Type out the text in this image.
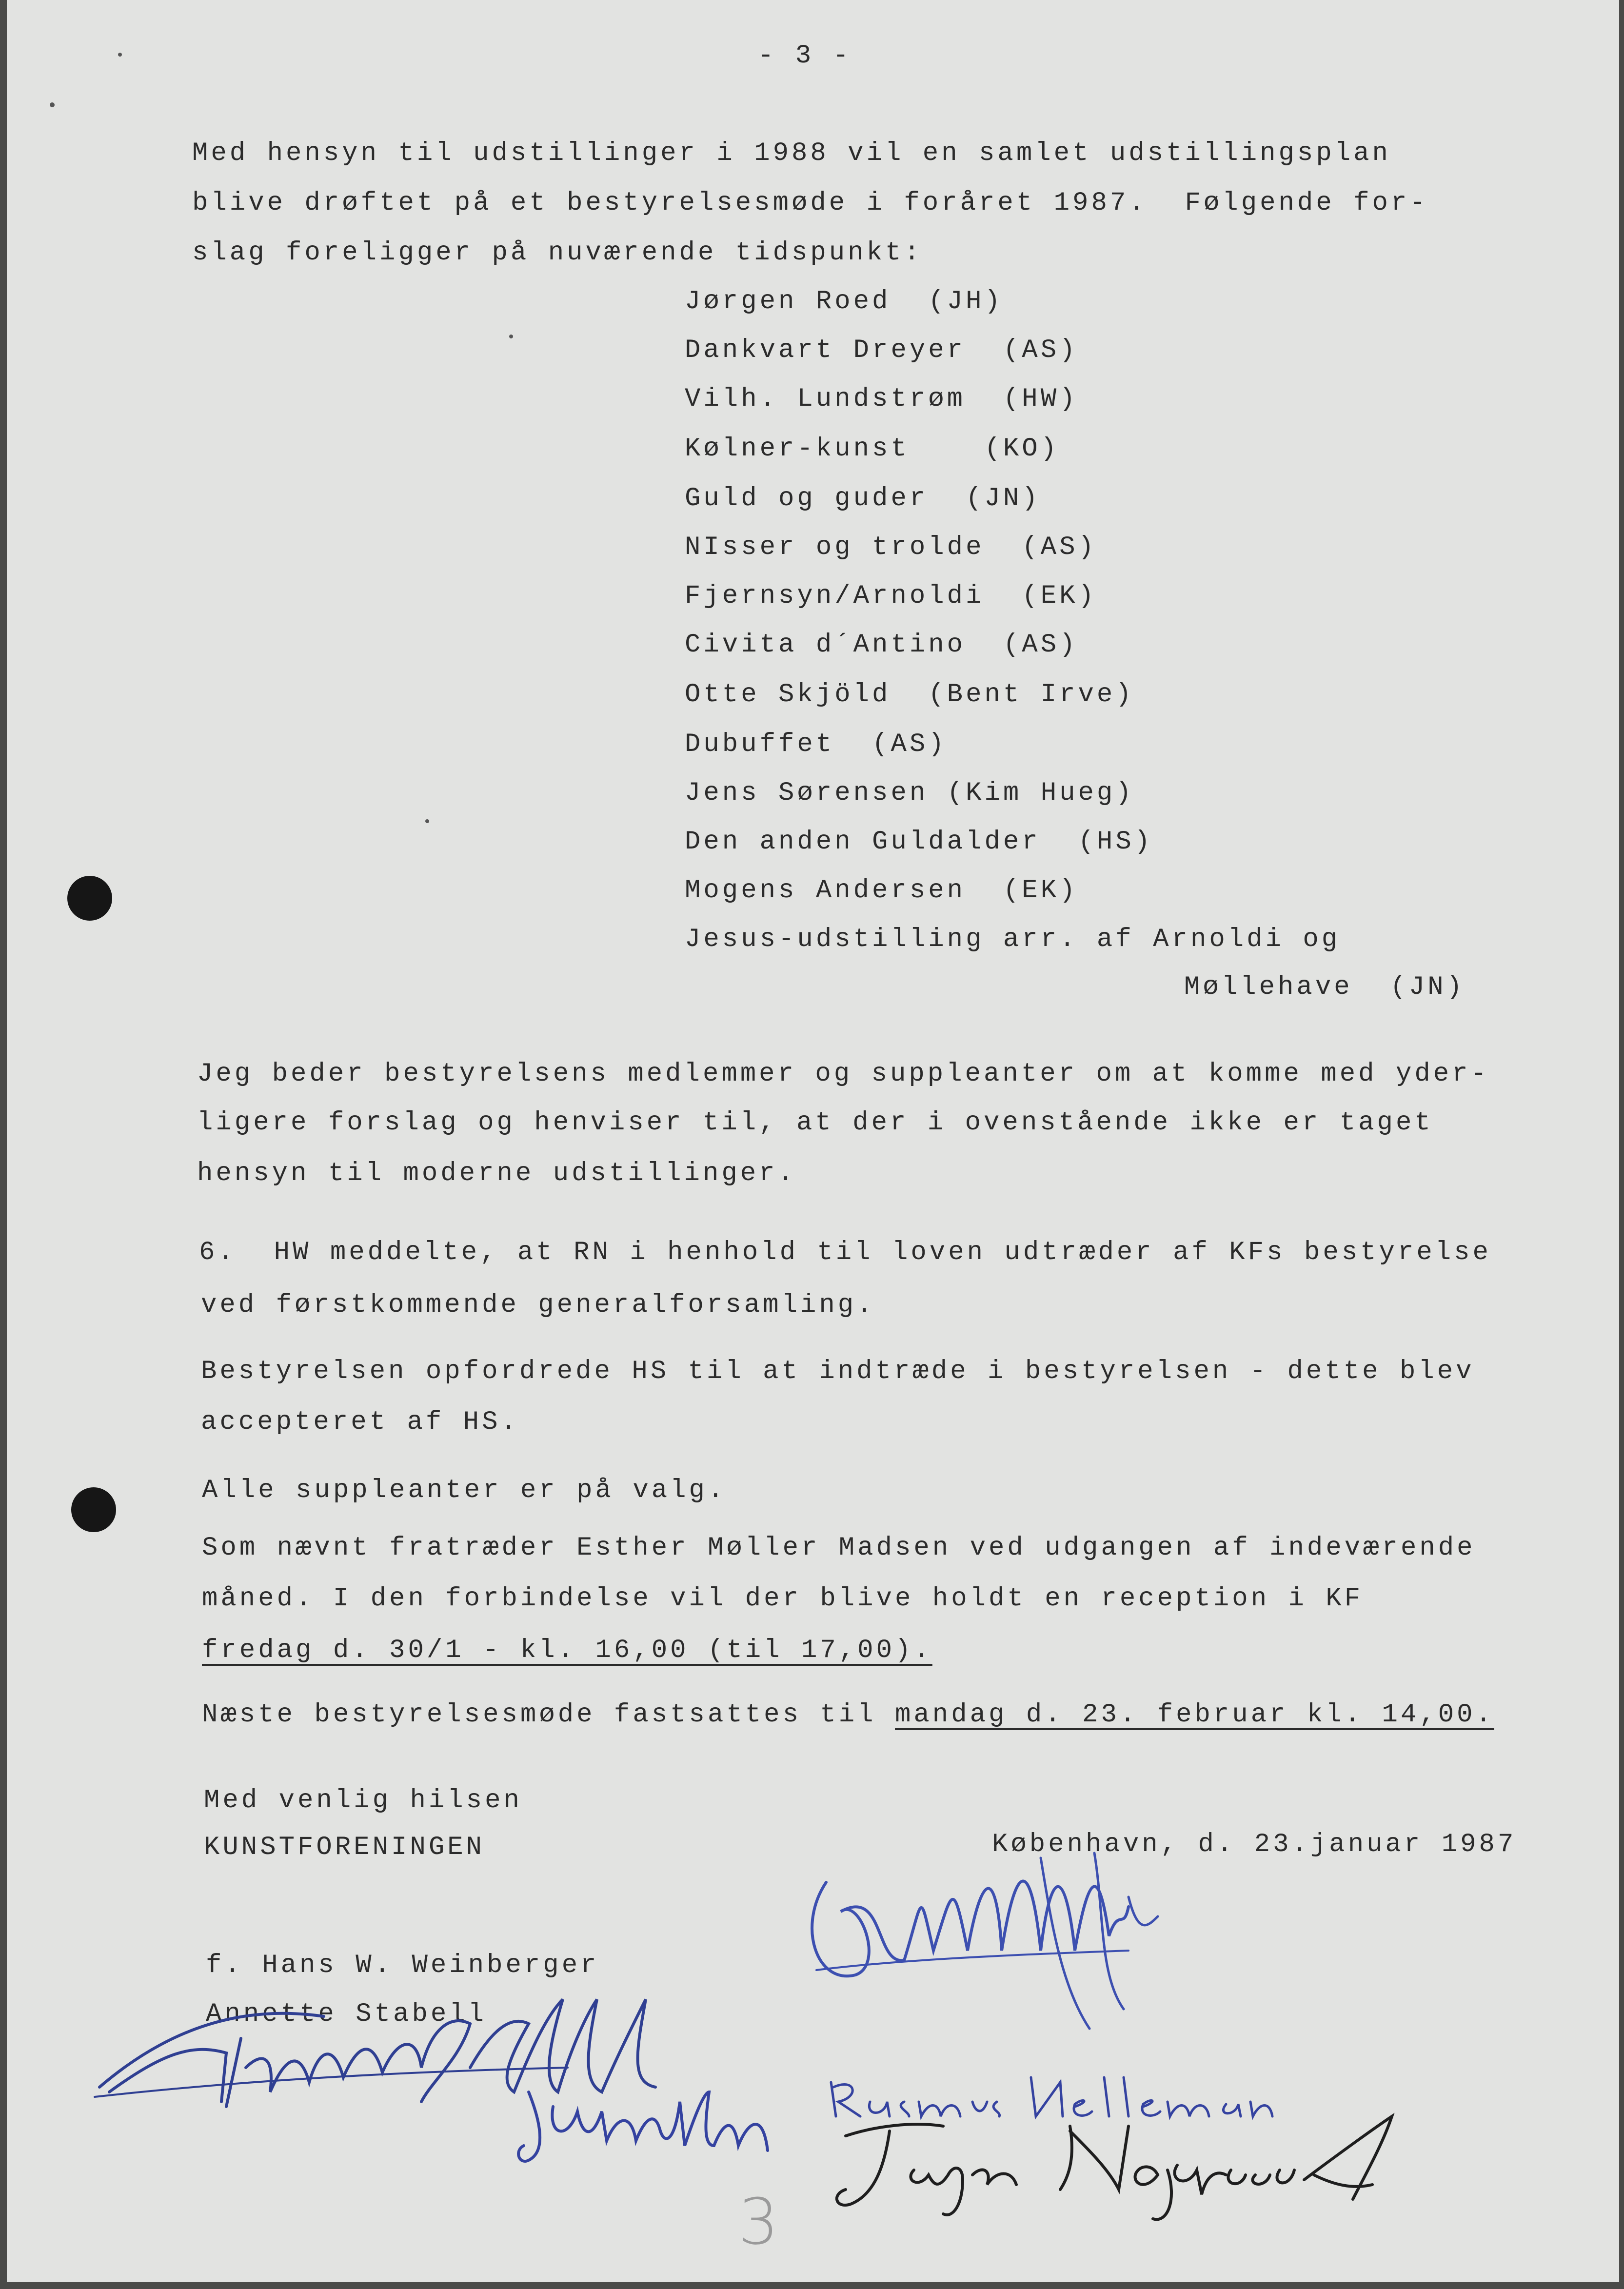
- 3 -
Med hensyn til udstillinger i 1988 vil en samlet udstillingsplan
blive drøftet på et bestyrelsesmøde i foråret 1987.  Følgende for-
slag foreligger på nuværende tidspunkt:
Jørgen Roed  (JH)
Dankvart Dreyer  (AS)
Vilh. Lundstrøm  (HW)
Kølner-kunst    (KO)
Guld og guder  (JN)
NIsser og trolde  (AS)
Fjernsyn/Arnoldi  (EK)
Civita d´Antino  (AS)
Otte Skjöld  (Bent Irve)
Dubuffet  (AS)
Jens Sørensen (Kim Hueg)
Den anden Guldalder  (HS)
Mogens Andersen  (EK)
Jesus-udstilling arr. af Arnoldi og
Møllehave  (JN)
Jeg beder bestyrelsens medlemmer og suppleanter om at komme med yder-
ligere forslag og henviser til, at der i ovenstående ikke er taget
hensyn til moderne udstillinger.
6.  HW meddelte, at RN i henhold til loven udtræder af KFs bestyrelse
ved førstkommende generalforsamling.
Bestyrelsen opfordrede HS til at indtræde i bestyrelsen - dette blev
accepteret af HS.
Alle suppleanter er på valg.
Som nævnt fratræder Esther Møller Madsen ved udgangen af indeværende
måned. I den forbindelse vil der blive holdt en reception i KF
fredag d. 30/1 - kl. 16,00 (til 17,00).
Næste bestyrelsesmøde fastsattes til mandag d. 23. februar kl. 14,00.
Med venlig hilsen
KUNSTFORENINGEN	København, d. 23.januar 1987
f. Hans W. Weinberger
Annette Stabell
3
